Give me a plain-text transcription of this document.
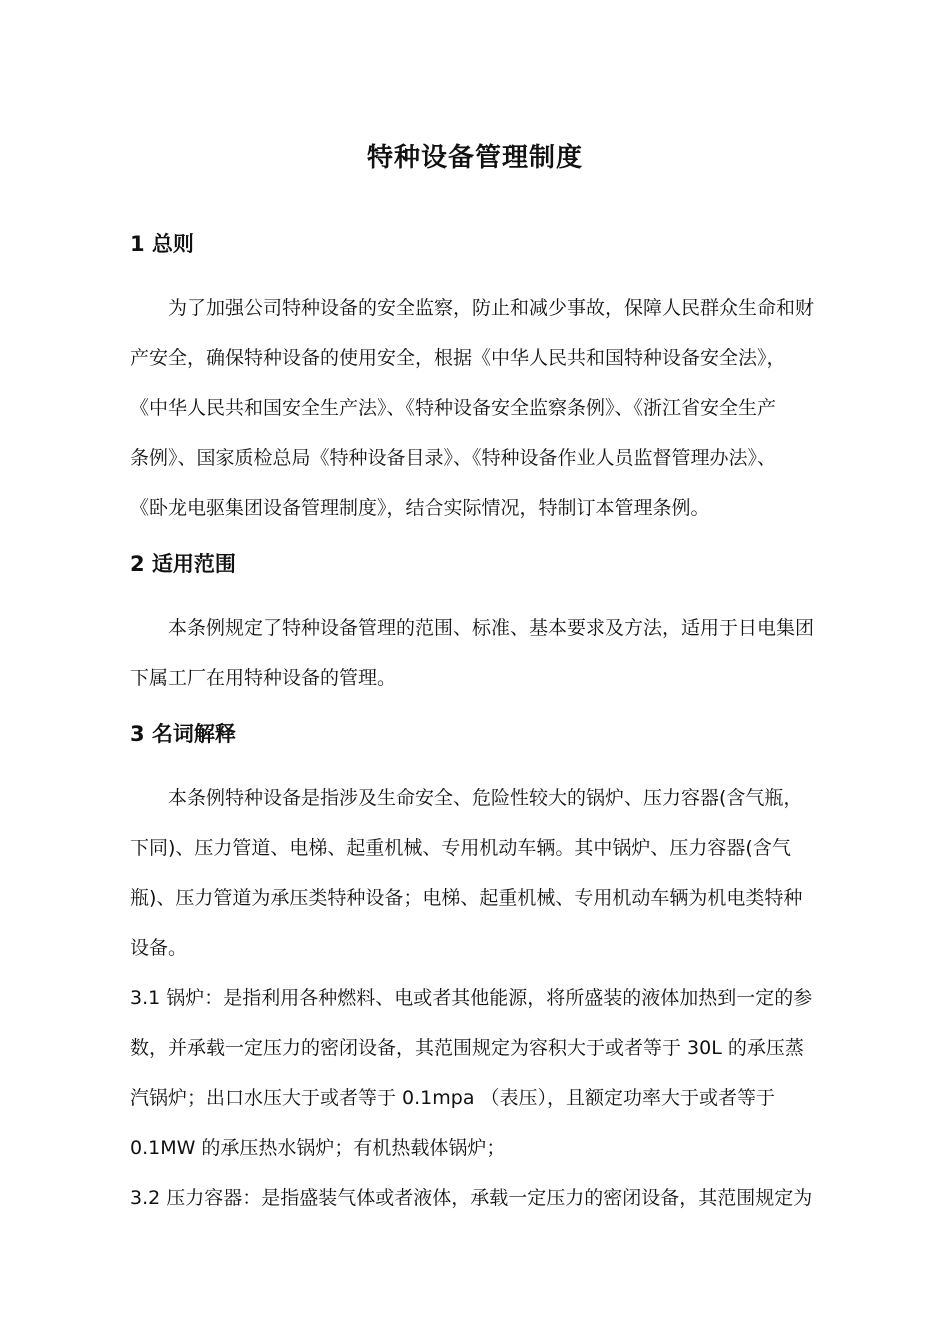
特种设备管理制度
1 总则

为了加强公司特种设备的安全监察，防止和减少事故，保障人民群众生命和财
产安全，确保特种设备的使用安全，根据《中华人民共和国特种设备安全法》，
《中华人民共和国安全生产法》、《特种设备安全监察条例》、《浙江省安全生产
条例》、国家质检总局《特种设备目录》、《特种设备作业人员监督管理办法》、
《卧龙电驱集团设备管理制度》，结合实际情况，特制订本管理条例。

2 适用范围

本条例规定了特种设备管理的范围、标准、基本要求及方法，适用于日电集团
下属工厂在用特种设备的管理。

3 名词解释

本条例特种设备是指涉及生命安全、危险性较大的锅炉、压力容器(含气瓶，
下同)、压力管道、电梯、起重机械、专用机动车辆。其中锅炉、压力容器(含气
瓶)、压力管道为承压类特种设备；电梯、起重机械、专用机动车辆为机电类特种
设备。

3.1 锅炉：是指利用各种燃料、电或者其他能源，将所盛装的液体加热到一定的参
数，并承载一定压力的密闭设备，其范围规定为容积大于或者等于 30L 的承压蒸
汽锅炉；出口水压大于或者等于 0.1mpa （表压），且额定功率大于或者等于
0.1MW 的承压热水锅炉；有机热载体锅炉；

3.2 压力容器：是指盛装气体或者液体，承载一定压力的密闭设备，其范围规定为
